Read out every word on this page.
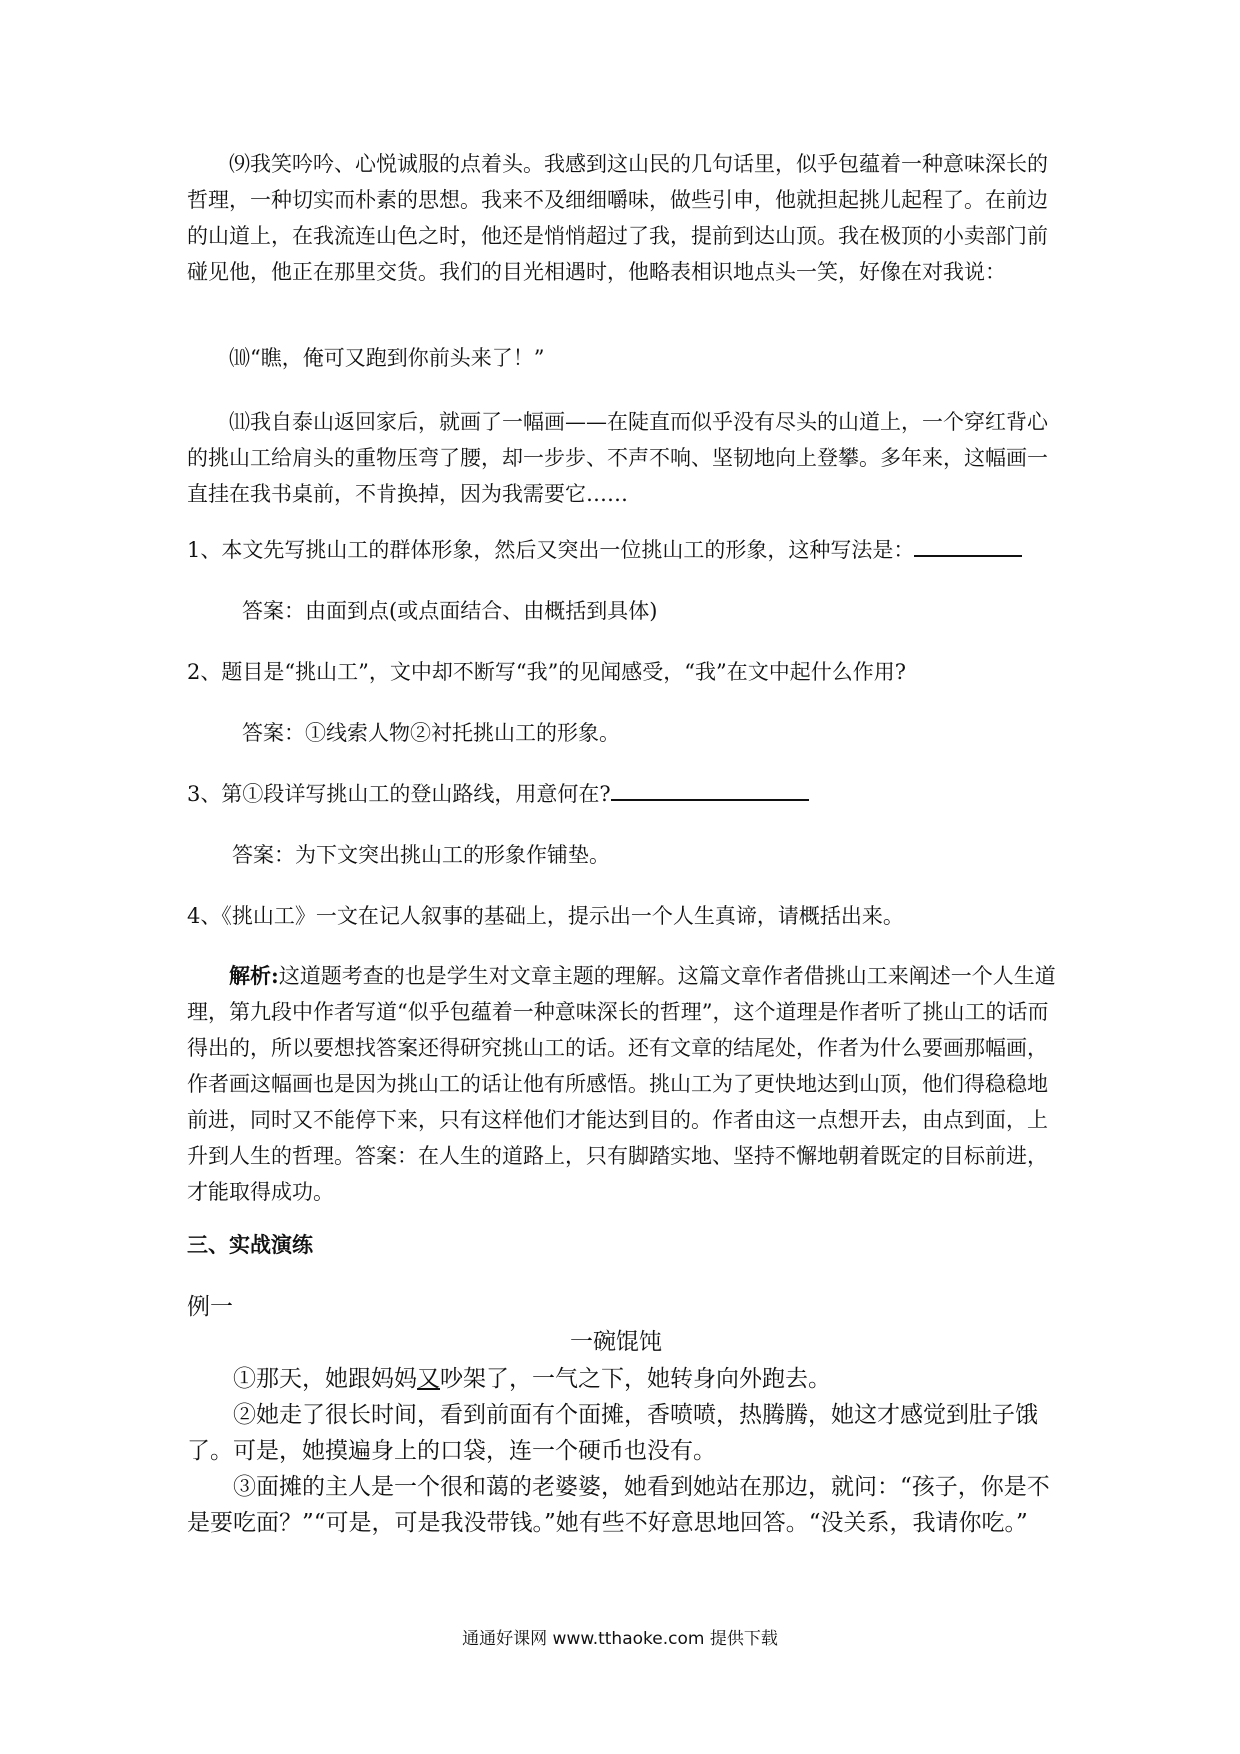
⑼我笑吟吟、心悦诚服的点着头。我感到这山民的几句话里，似乎包蕴着一种意味深长的哲理，一种切实而朴素的思想。我来不及细细嚼味，做些引申，他就担起挑儿起程了。在前边的山道上，在我流连山色之时，他还是悄悄超过了我，提前到达山顶。我在极顶的小卖部门前碰见他，他正在那里交货。我们的目光相遇时，他略表相识地点头一笑，好像在对我说：

⑽“瞧，俺可又跑到你前头来了！”

⑾我自泰山返回家后，就画了一幅画——在陡直而似乎没有尽头的山道上，一个穿红背心的挑山工给肩头的重物压弯了腰，却一步步、不声不响、坚韧地向上登攀。多年来，这幅画一直挂在我书桌前，不肯换掉，因为我需要它……

1、本文先写挑山工的群体形象，然后又突出一位挑山工的形象，这种写法是：

答案：由面到点(或点面结合、由概括到具体)

2、题目是“挑山工”，文中却不断写“我”的见闻感受，“我”在文中起什么作用?

答案：①线索人物②衬托挑山工的形象。

3、第①段详写挑山工的登山路线，用意何在?

答案：为下文突出挑山工的形象作铺垫。

4、《挑山工》一文在记人叙事的基础上，提示出一个人生真谛，请概括出来。

解析:这道题考查的也是学生对文章主题的理解。这篇文章作者借挑山工来阐述一个人生道理，第九段中作者写道“似乎包蕴着一种意味深长的哲理”，这个道理是作者听了挑山工的话而得出的，所以要想找答案还得研究挑山工的话。还有文章的结尾处，作者为什么要画那幅画，作者画这幅画也是因为挑山工的话让他有所感悟。挑山工为了更快地达到山顶，他们得稳稳地前进，同时又不能停下来，只有这样他们才能达到目的。作者由这一点想开去，由点到面，上升到人生的哲理。答案：在人生的道路上，只有脚踏实地、坚持不懈地朝着既定的目标前进，才能取得成功。

三、实战演练

例一

一碗馄饨

①那天，她跟妈妈又吵架了，一气之下，她转身向外跑去。

②她走了很长时间，看到前面有个面摊，香喷喷，热腾腾，她这才感觉到肚子饿了。可是，她摸遍身上的口袋，连一个硬币也没有。

③面摊的主人是一个很和蔼的老婆婆，她看到她站在那边，就问：“孩子，你是不是要吃面？”“可是，可是我没带钱。”她有些不好意思地回答。“没关系，我请你吃。”

通通好课网 www.tthaoke.com 提供下载
